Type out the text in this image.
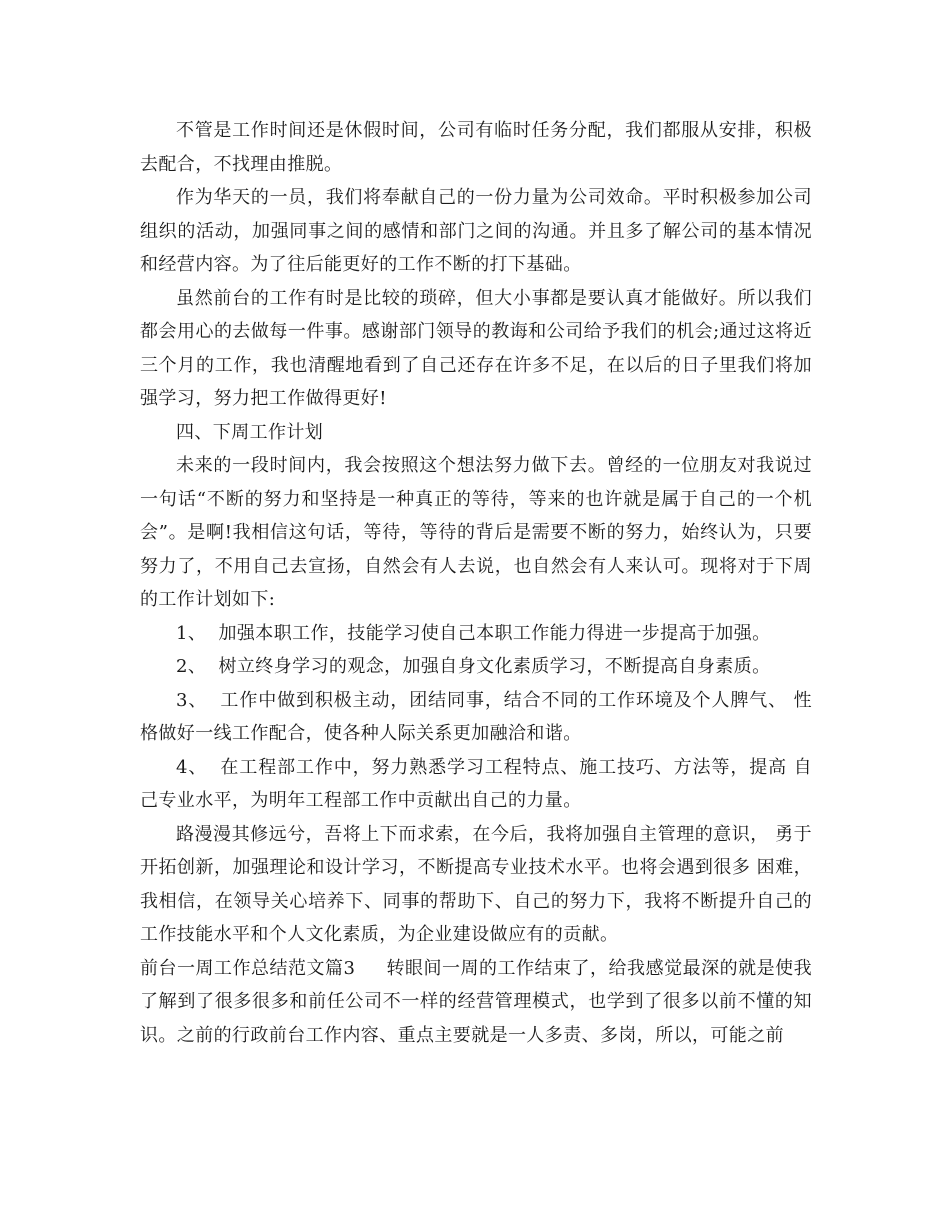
不管是工作时间还是休假时间，公司有临时任务分配，我们都服从安排，积极去配合，不找理由推脱。

作为华天的一员，我们将奉献自己的一份力量为公司效命。平时积极参加公司组织的活动，加强同事之间的感情和部门之间的沟通。并且多了解公司的基本情况和经营内容。为了往后能更好的工作不断的打下基础。

虽然前台的工作有时是比较的琐碎，但大小事都是要认真才能做好。所以我们都会用心的去做每一件事。感谢部门领导的教诲和公司给予我们的机会;通过这将近三个月的工作，我也清醒地看到了自己还存在许多不足，在以后的日子里我们将加强学习，努力把工作做得更好!

四、下周工作计划

未来的一段时间内，我会按照这个想法努力做下去。曾经的一位朋友对我说过一句话“不断的努力和坚持是一种真正的等待，等来的也许就是属于自己的一个机会”。是啊!我相信这句话，等待，等待的背后是需要不断的努力，始终认为，只要努力了，不用自己去宣扬，自然会有人去说，也自然会有人来认可。现将对于下周的工作计划如下:

1、  加强本职工作，技能学习使自己本职工作能力得进一步提高于加强。

2、  树立终身学习的观念，加强自身文化素质学习，不断提高自身素质。

3、  工作中做到积极主动，团结同事，结合不同的工作环境及个人脾气、 性格做好一线工作配合，使各种人际关系更加融洽和谐。

4、  在工程部工作中，努力熟悉学习工程特点、施工技巧、方法等，提高 自己专业水平，为明年工程部工作中贡献出自己的力量。

路漫漫其修远兮，吾将上下而求索，在今后，我将加强自主管理的意识， 勇于开拓创新，加强理论和设计学习，不断提高专业技术水平。也将会遇到很多 困难，我相信，在领导关心培养下、同事的帮助下、自己的努力下，我将不断提升自己的工作技能水平和个人文化素质，为企业建设做应有的贡献。

前台一周工作总结范文篇3     转眼间一周的工作结束了，给我感觉最深的就是使我了解到了很多很多和前任公司不一样的经营管理模式，也学到了很多以前不懂的知识。之前的行政前台工作内容、重点主要就是一人多责、多岗，所以，可能之前
